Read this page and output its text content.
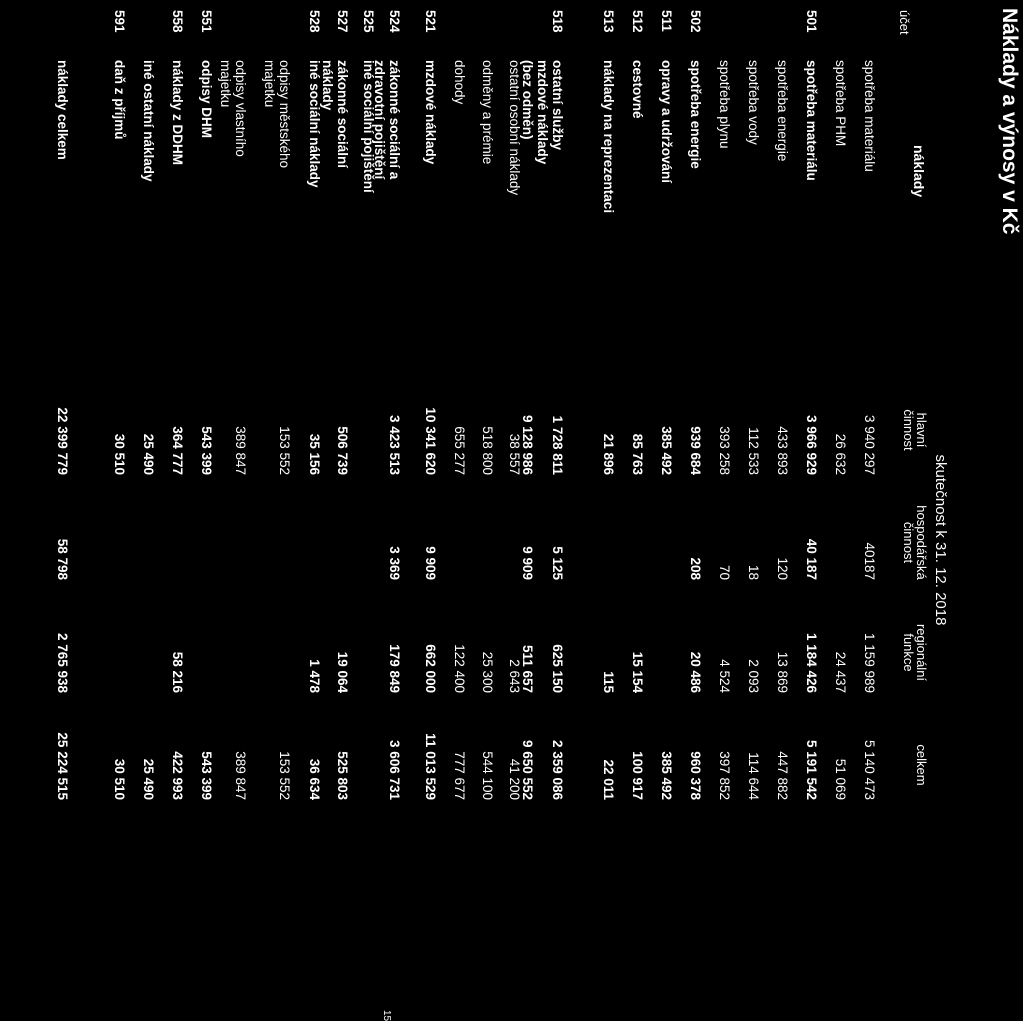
Náklady a výnosy v Kč
účet
náklady
skutečnost k 31. 12. 2018
hlavní
činnost
hospodářská
činnost
regionální
funkce
celkem
spotřeba materiálu
3 940 297
40187
1 159 989
5 140 473
spotřeba PHM
26 632
24 437
51 069
501
spotřeba materiálu
3 966 929
40 187
1 184 426
5 191 542
spotřeba energie
433 893
120
13 869
447 882
spotřeba vody
112 533
18
2 093
114 644
spotřeba plynu
393 258
70
4 524
397 852
502
spotřeba energie
939 684
208
20 486
960 378
511
opravy a udržování
385 492
385 492
512
cestovné
85 763
15 154
100 917
513
náklady na reprezentaci
21 896
115
22 011
518
ostatní služby
mzdové náklady
(bez odměn)
1 728 811

9 128 986
5 125

9 909
625 150

511 657
2 359 086

9 650 552
ostatní osobní náklady
38 557
2 643
41 200
odměny a prémie
518 800
25 300
544 100
dohody
655 277
122 400
777 677
521
mzdové náklady
10 341 620
9 909
662 000
11 013 529
524
zákonné sociální a
zdravotní pojištění
3 423 513
3 369
179 849
3 606 731
525
iné sociální pojištění
527
zákonné sociální
náklady
506 739
19 064
525 803
528
iné sociální náklady
35 156
1 478
36 634
odpisy městského
majetku
153 552
153 552
odpisy vlastního
majetku
389 847
389 847
551
odpisy DHM
543 399
543 399
558
náklady z DDHM
364 777
58 216
422 993
iné ostatní náklady
25 490
25 490
591
daň z příjmů
30 510
30 510
náklady celkem
22 399 779
58 798
2 765 938
25 224 515
15
